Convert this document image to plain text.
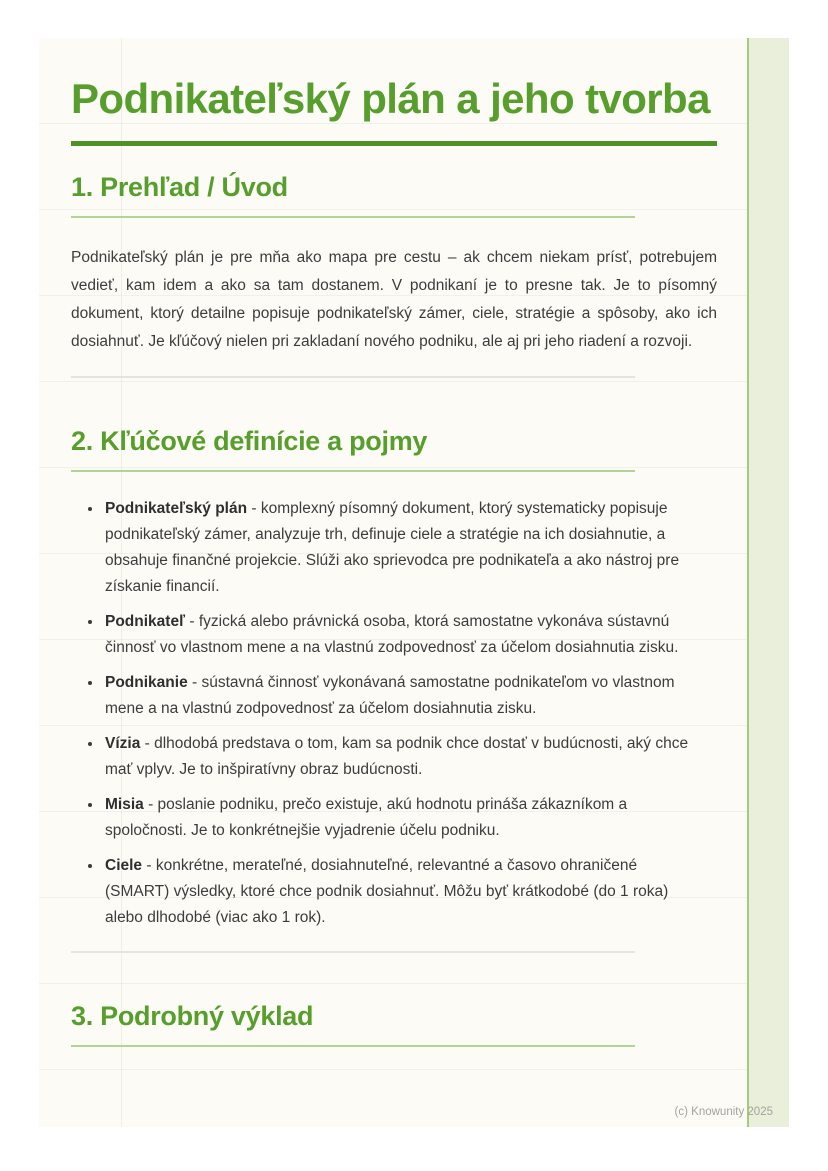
Podnikateľský plán a jeho tvorba
1. Prehľad / Úvod

Podnikateľský plán je pre mňa ako mapa pre cestu – ak chcem niekam prísť, potrebujem vedieť, kam idem a ako sa tam dostanem. V podnikaní je to presne tak. Je to písomný dokument, ktorý detailne popisuje podnikateľský zámer, ciele, stratégie a spôsoby, ako ich dosiahnuť. Je kľúčový nielen pri zakladaní nového podniku, ale aj pri jeho riadení a rozvoji.

2. Kľúčové definície a pojmy
• Podnikateľský plán - komplexný písomný dokument, ktorý systematicky popisuje podnikateľský zámer, analyzuje trh, definuje ciele a stratégie na ich dosiahnutie, a obsahuje finančné projekcie. Slúži ako sprievodca pre podnikateľa a ako nástroj pre získanie financií.
• Podnikateľ - fyzická alebo právnická osoba, ktorá samostatne vykonáva sústavnú činnosť vo vlastnom mene a na vlastnú zodpovednosť za účelom dosiahnutia zisku.
• Podnikanie - sústavná činnosť vykonávaná samostatne podnikateľom vo vlastnom mene a na vlastnú zodpovednosť za účelom dosiahnutia zisku.
• Vízia - dlhodobá predstava o tom, kam sa podnik chce dostať v budúcnosti, aký chce mať vplyv. Je to inšpiratívny obraz budúcnosti.
• Misia - poslanie podniku, prečo existuje, akú hodnotu prináša zákazníkom a spoločnosti. Je to konkrétnejšie vyjadrenie účelu podniku.
• Ciele - konkrétne, merateľné, dosiahnuteľné, relevantné a časovo ohraničené (SMART) výsledky, ktoré chce podnik dosiahnuť. Môžu byť krátkodobé (do 1 roka) alebo dlhodobé (viac ako 1 rok).
3. Podrobný výklad
(c) Knowunity 2025
